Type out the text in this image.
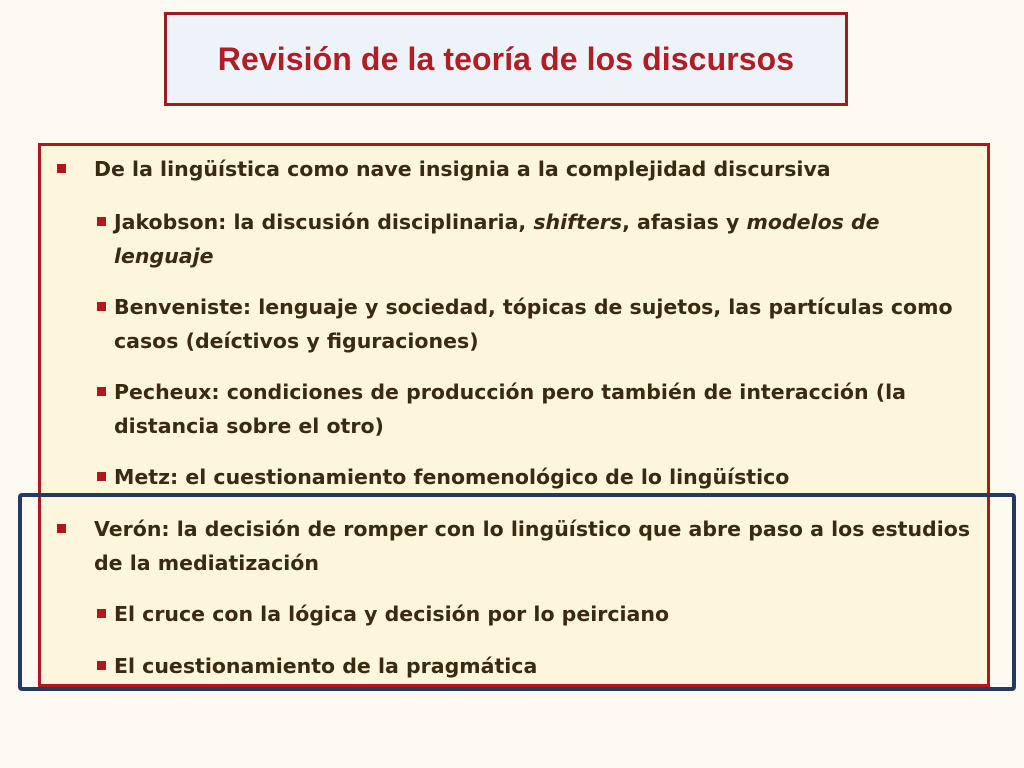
Revisión de la teoría de los discursos
De la lingüística como nave insignia a la complejidad discursiva
Jakobson: la discusión disciplinaria, shifters, afasias y modelos de lenguaje
Benveniste: lenguaje y sociedad, tópicas de sujetos, las partículas como casos (deíctivos y figuraciones)
Pecheux: condiciones de producción pero también de interacción (la distancia sobre el otro)
Metz: el cuestionamiento fenomenológico de lo lingüístico
Verón: la decisión de romper con lo lingüístico que abre paso a los estudios de la mediatización
El cruce con la lógica y decisión por lo peirciano
El cuestionamiento de la pragmática
